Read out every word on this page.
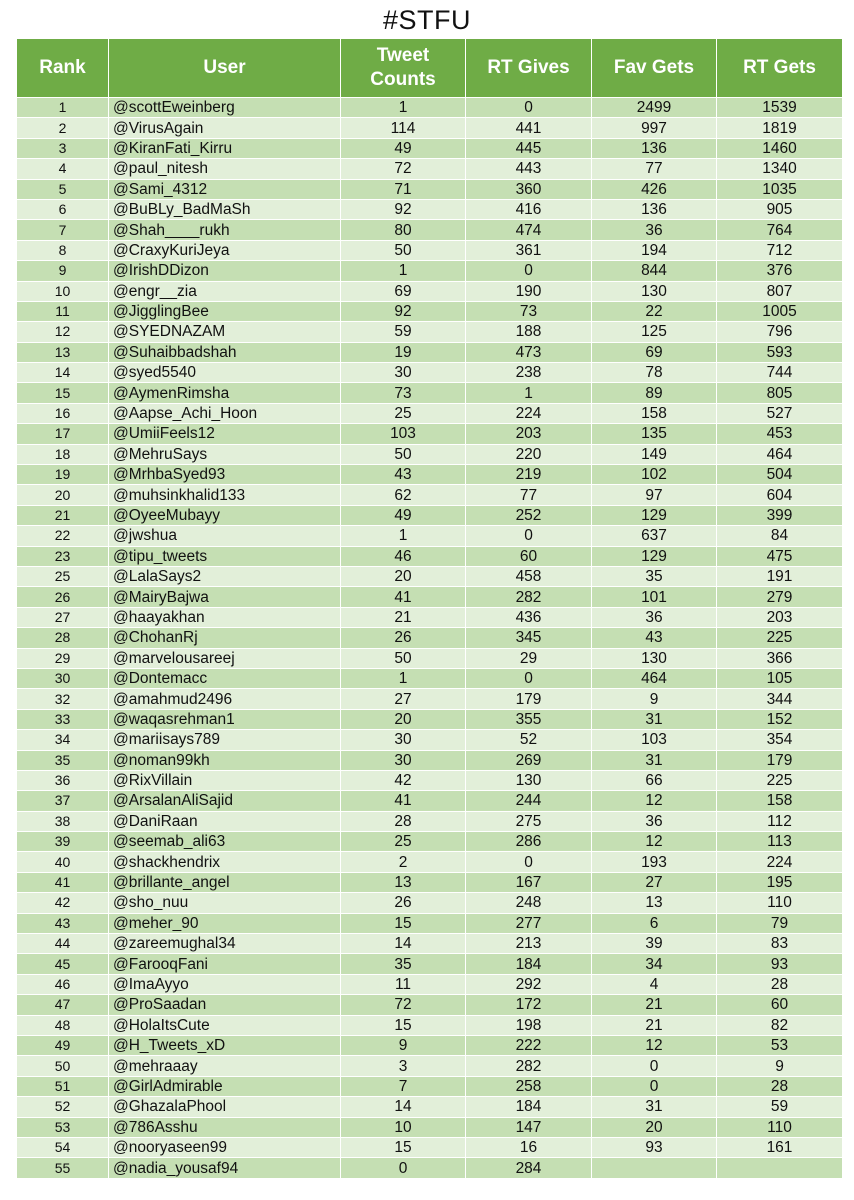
#STFU
Rank	User	Tweet Counts	RT Gives	Fav Gets	RT Gets
1	@scottEweinberg	1	0	2499	1539
2	@VirusAgain	114	441	997	1819
3	@KiranFati_Kirru	49	445	136	1460
4	@paul_nitesh	72	443	77	1340
5	@Sami_4312	71	360	426	1035
6	@BuBLy_BadMaSh	92	416	136	905
7	@Shah____rukh	80	474	36	764
8	@CraxyKuriJeya	50	361	194	712
9	@IrishDDizon	1	0	844	376
10	@engr__zia	69	190	130	807
11	@JigglingBee	92	73	22	1005
12	@SYEDNAZAM	59	188	125	796
13	@Suhaibbadshah	19	473	69	593
14	@syed5540	30	238	78	744
15	@AymenRimsha	73	1	89	805
16	@Aapse_Achi_Hoon	25	224	158	527
17	@UmiiFeels12	103	203	135	453
18	@MehruSays	50	220	149	464
19	@MrhbaSyed93	43	219	102	504
20	@muhsinkhalid133	62	77	97	604
21	@OyeeMubayy	49	252	129	399
22	@jwshua	1	0	637	84
23	@tipu_tweets	46	60	129	475
25	@LalaSays2	20	458	35	191
26	@MairyBajwa	41	282	101	279
27	@haayakhan	21	436	36	203
28	@ChohanRj	26	345	43	225
29	@marvelousareej	50	29	130	366
30	@Dontemacc	1	0	464	105
32	@amahmud2496	27	179	9	344
33	@waqasrehman1	20	355	31	152
34	@mariisays789	30	52	103	354
35	@noman99kh	30	269	31	179
36	@RixVillain	42	130	66	225
37	@ArsalanAliSajid	41	244	12	158
38	@DaniRaan	28	275	36	112
39	@seemab_ali63	25	286	12	113
40	@shackhendrix	2	0	193	224
41	@brillante_angel	13	167	27	195
42	@sho_nuu	26	248	13	110
43	@meher_90	15	277	6	79
44	@zareemughal34	14	213	39	83
45	@FarooqFani	35	184	34	93
46	@ImaAyyo	11	292	4	28
47	@ProSaadan	72	172	21	60
48	@HolaItsCute	15	198	21	82
49	@H_Tweets_xD	9	222	12	53
50	@mehraaay	3	282	0	9
51	@GirlAdmirable	7	258	0	28
52	@GhazalaPhool	14	184	31	59
53	@786Asshu	10	147	20	110
54	@nooryaseen99	15	16	93	161
55	@nadia_yousaf94	0	284		
